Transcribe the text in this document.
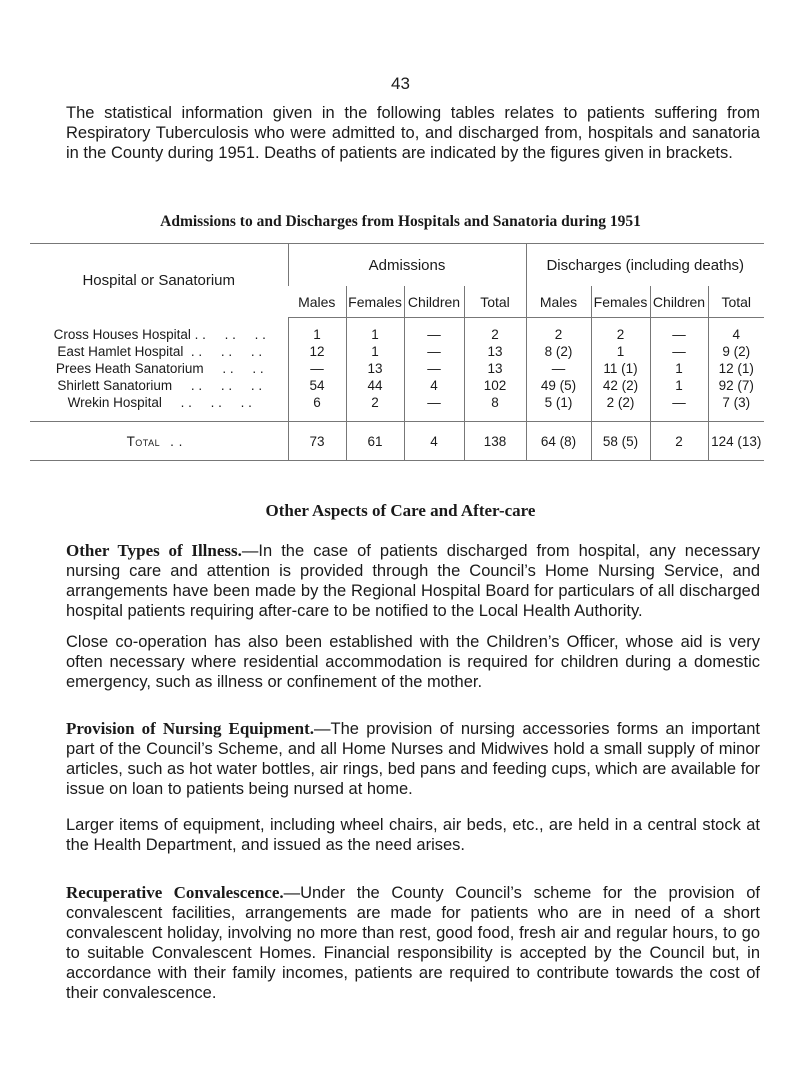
43

The statistical information given in the following tables relates to patients suffering from Respiratory Tuberculosis who were admitted to, and discharged from, hospitals and sanatoria in the County during 1951. Deaths of patients are indicated by the figures given in brackets.

Admissions to and Discharges from Hospitals and Sanatoria during 1951
Hospital or Sanatorium	Admissions				Discharges (including deaths)			
	Males	Females	Children	Total	Males	Females	Children	Total
Cross Houses Hospital . .     . .     . .	1	1	—	2	2	2	—	4
East Hamlet Hospital  . .     . .     . .	12	1	—	13	8 (2)	1	—	9 (2)
Prees Heath Sanatorium     . .     . .	—	13	—	13	—	11 (1)	1	12 (1)
Shirlett Sanatorium     . .     . .     . .	54	44	4	102	49 (5)	42 (2)	1	92 (7)
Wrekin Hospital     . .     . .     . .	6	2	—	8	5 (1)	2 (2)	—	7 (3)
Total . .	73	61	4	138	64 (8)	58 (5)	2	124 (13)
Other Aspects of Care and After-care

Other Types of Illness.—In the case of patients discharged from hospital, any necessary nursing care and attention is provided through the Council’s Home Nursing Service, and arrangements have been made by the Regional Hospital Board for particulars of all discharged hospital patients requiring after-care to be notified to the Local Health Authority.

Close co-operation has also been established with the Children’s Officer, whose aid is very often necessary where residential accommodation is required for children during a domestic emergency, such as illness or confinement of the mother.

Provision of Nursing Equipment.—The provision of nursing accessories forms an important part of the Council’s Scheme, and all Home Nurses and Midwives hold a small supply of minor articles, such as hot water bottles, air rings, bed pans and feeding cups, which are available for issue on loan to patients being nursed at home.

Larger items of equipment, including wheel chairs, air beds, etc., are held in a central stock at the Health Department, and issued as the need arises.

Recuperative Convalescence.—Under the County Council’s scheme for the provision of convalescent facilities, arrangements are made for patients who are in need of a short convalescent holiday, involving no more than rest, good food, fresh air and regular hours, to go to suitable Convalescent Homes. Financial responsibility is accepted by the Council but, in accordance with their family incomes, patients are required to contribute towards the cost of their convalescence.
